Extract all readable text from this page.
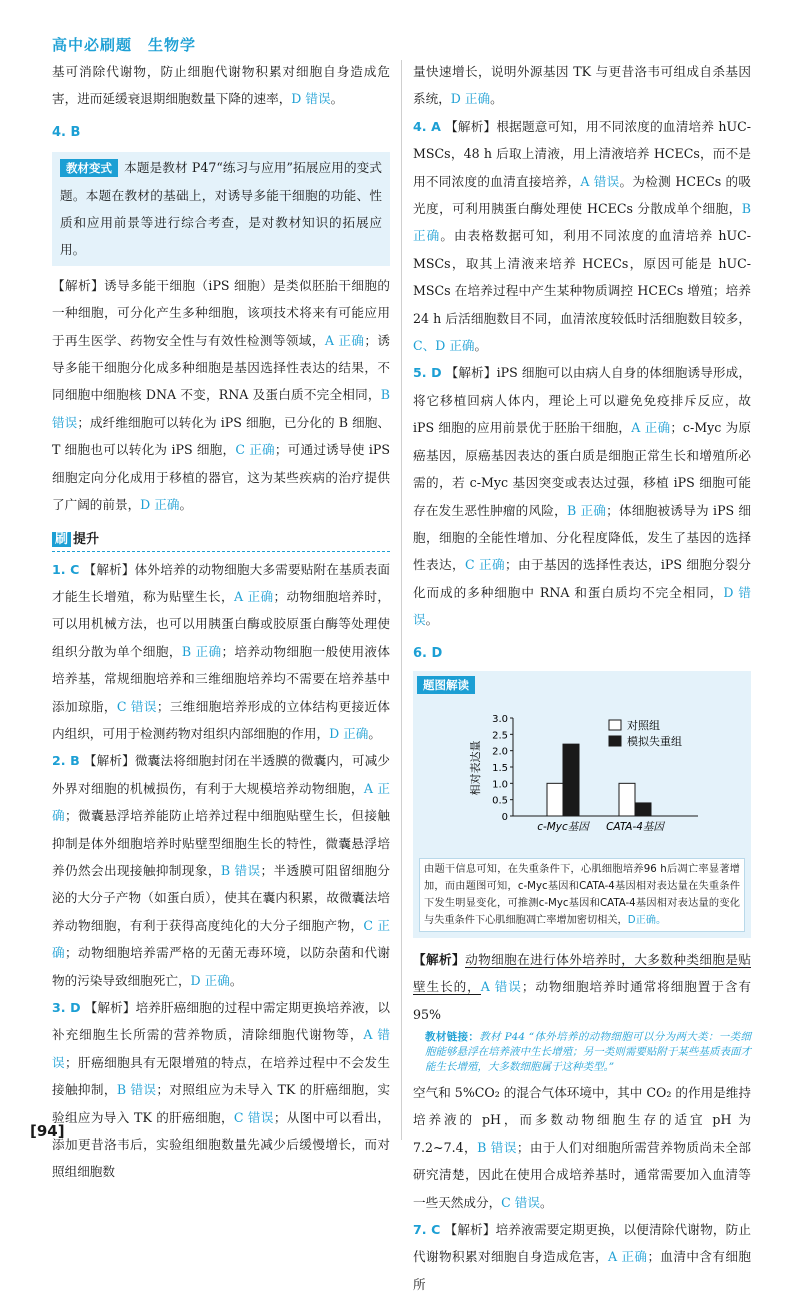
高中必刷题 生物学

基可消除代谢物，防止细胞代谢物积累对细胞自身造成危害，进而延缓衰退期细胞数量下降的速率，D 错误。

4. B
教材变式 本题是教材 P47“练习与应用”拓展应用的变式题。本题在教材的基础上，对诱导多能干细胞的功能、性质和应用前景等进行综合考查，是对教材知识的拓展应用。

【解析】诱导多能干细胞（iPS 细胞）是类似胚胎干细胞的一种细胞，可分化产生多种细胞，该项技术将来有可能应用于再生医学、药物安全性与有效性检测等领域，A 正确；诱导多能干细胞分化成多种细胞是基因选择性表达的结果，不同细胞中细胞核 DNA 不变，RNA 及蛋白质不完全相同，B 错误；成纤维细胞可以转化为 iPS 细胞，已分化的 B 细胞、T 细胞也可以转化为 iPS 细胞，C 正确；可通过诱导使 iPS 细胞定向分化成用于移植的器官，这为某些疾病的治疗提供了广阔的前景，D 正确。

刷 提升

1. C 【解析】体外培养的动物细胞大多需要贴附在基质表面才能生长增殖，称为贴壁生长，A 正确；动物细胞培养时，可以用机械方法，也可以用胰蛋白酶或胶原蛋白酶等处理使组织分散为单个细胞，B 正确；培养动物细胞一般使用液体培养基，常规细胞培养和三维细胞培养均不需要在培养基中添加琼脂，C 错误；三维细胞培养形成的立体结构更接近体内组织，可用于检测药物对组织内部细胞的作用，D 正确。

2. B 【解析】微囊法将细胞封闭在半透膜的微囊内，可减少外界对细胞的机械损伤，有利于大规模培养动物细胞，A 正确；微囊悬浮培养能防止培养过程中细胞贴壁生长，但接触抑制是体外细胞培养时贴壁型细胞生长的特性，微囊悬浮培养仍然会出现接触抑制现象，B 错误；半透膜可阻留细胞分泌的大分子产物（如蛋白质），使其在囊内积累，故微囊法培养动物细胞，有利于获得高度纯化的大分子细胞产物，C 正确；动物细胞培养需严格的无菌无毒环境，以防杂菌和代谢物的污染导致细胞死亡，D 正确。

3. D 【解析】培养肝癌细胞的过程中需定期更换培养液，以补充细胞生长所需的营养物质，清除细胞代谢物等，A 错误；肝癌细胞具有无限增殖的特点，在培养过程中不会发生接触抑制，B 错误；对照组应为未导入 TK 的肝癌细胞，实验组应为导入 TK 的肝癌细胞，C 错误；从图中可以看出，添加更昔洛韦后，实验组细胞数量先减少后缓慢增长，而对照组细胞数

量快速增长，说明外源基因 TK 与更昔洛韦可组成自杀基因系统，D 正确。

4. A 【解析】根据题意可知，用不同浓度的血清培养 hUC-MSCs，48 h 后取上清液，用上清液培养 HCECs，而不是用不同浓度的血清直接培养，A 错误。为检测 HCECs 的吸光度，可利用胰蛋白酶处理使 HCECs 分散成单个细胞，B 正确。由表格数据可知，利用不同浓度的血清培养 hUC-MSCs，取其上清液来培养 HCECs，原因可能是 hUC-MSCs 在培养过程中产生某种物质调控 HCECs 增殖；培养 24 h 后活细胞数目不同，血清浓度较低时活细胞数目较多，C、D 正确。

5. D 【解析】iPS 细胞可以由病人自身的体细胞诱导形成，将它移植回病人体内，理论上可以避免免疫排斥反应，故 iPS 细胞的应用前景优于胚胎干细胞，A 正确；c-Myc 为原癌基因，原癌基因表达的蛋白质是细胞正常生长和增殖所必需的，若 c-Myc 基因突变或表达过强，移植 iPS 细胞可能存在发生恶性肿瘤的风险，B 正确；体细胞被诱导为 iPS 细胞，细胞的全能性增加、分化程度降低，发生了基因的选择性表达，C 正确；由于基因的选择性表达，iPS 细胞分裂分化而成的多种细胞中 RNA 和蛋白质均不完全相同，D 错误。

6. D
题图解读
相对表达量
0
0.5
1.0
1.5
2.0
2.5
3.0
c-Myc基因 CATA-4基因
对照组
模拟失重组
由题干信息可知，在失重条件下，心肌细胞培养96 h后凋亡率显著增加，而由题图可知，c-Myc基因和CATA-4基因相对表达量在失重条件下发生明显变化，可推测c-Myc基因和CATA-4基因相对表达量的变化与失重条件下心肌细胞凋亡率增加密切相关，D正确。

【解析】动物细胞在进行体外培养时，大多数种类细胞是贴壁生长的，A 错误；动物细胞培养时通常将细胞置于含有 95%

教材链接：教材 P44 “体外培养的动物细胞可以分为两大类：一类细胞能够悬浮在培养液中生长增殖；另一类则需要贴附于某些基质表面才能生长增殖，大多数细胞属于这种类型。”

空气和 5%CO₂ 的混合气体环境中，其中 CO₂ 的作用是维持培养液的 pH，而多数动物细胞生存的适宜 pH 为 7.2~7.4，B 错误；由于人们对细胞所需营养物质尚未全部研究清楚，因此在使用合成培养基时，通常需要加入血清等一些天然成分，C 错误。

7. C 【解析】培养液需要定期更换，以便清除代谢物，防止代谢物积累对细胞自身造成危害，A 正确；血清中含有细胞所

[94]
